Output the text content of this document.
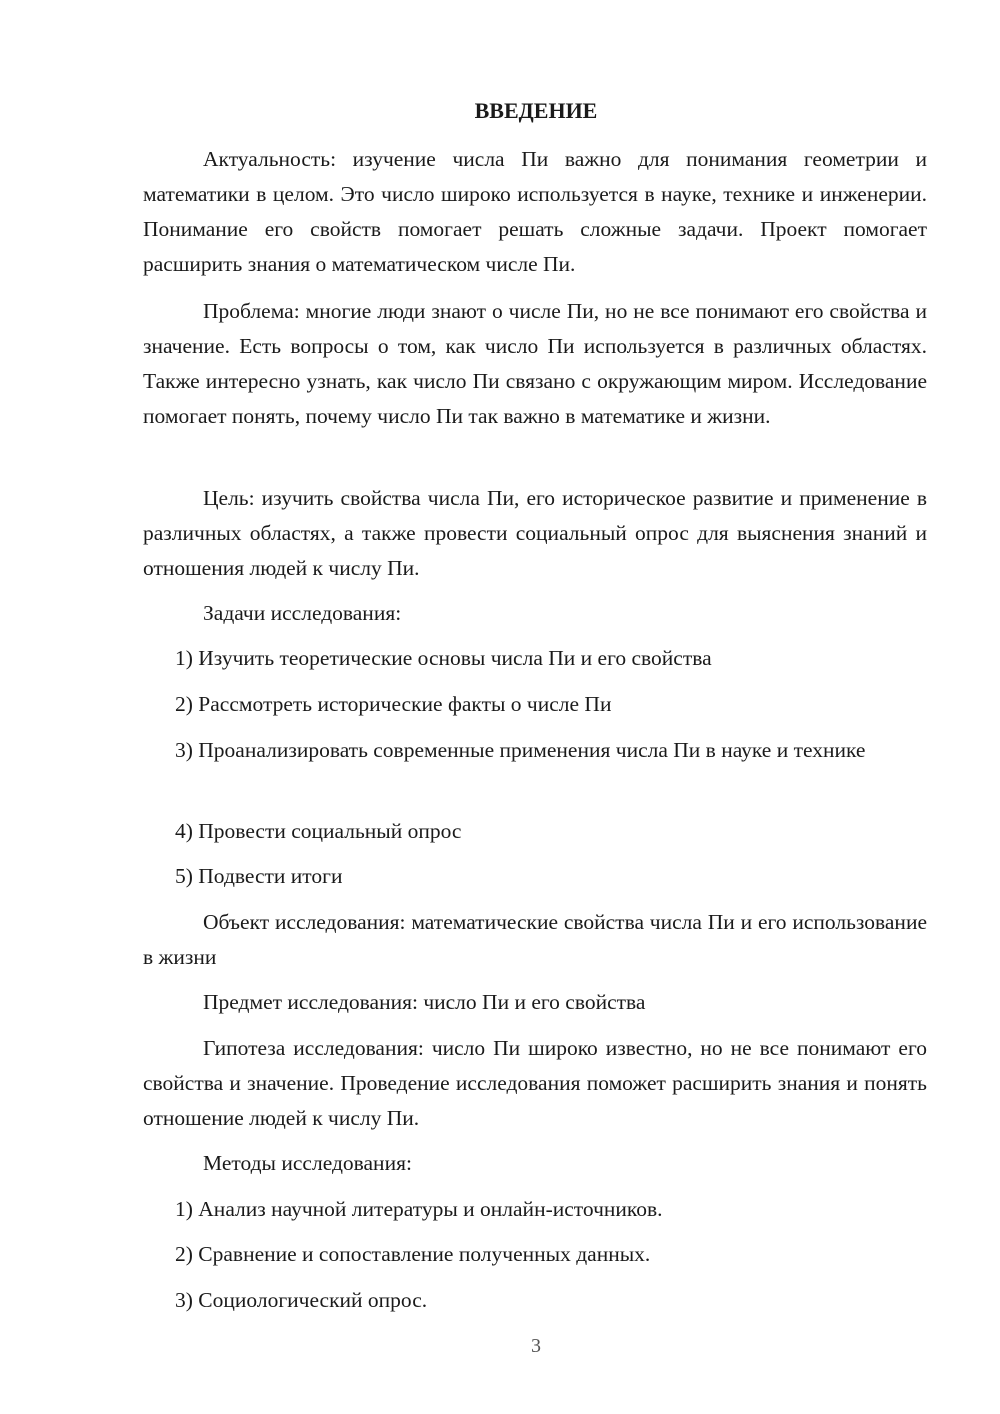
ВВЕДЕНИЕ

Актуальность: изучение числа Пи важно для понимания геометрии и математики в целом. Это число широко используется в науке, технике и инженерии. Понимание его свойств помогает решать сложные задачи. Проект помогает расширить знания о математическом числе Пи.

Проблема: многие люди знают о числе Пи, но не все понимают его свойства и значение. Есть вопросы о том, как число Пи используется в различных областях. Также интересно узнать, как число Пи связано с окружающим миром. Исследование помогает понять, почему число Пи так важно в математике и жизни.

Цель: изучить свойства числа Пи, его историческое развитие и применение в различных областях, а также провести социальный опрос для выяснения знаний и отношения людей к числу Пи.

Задачи исследования:

1) Изучить теоретические основы числа Пи и его свойства

2) Рассмотреть исторические факты о числе Пи

3) Проанализировать современные применения числа Пи в науке и технике

4) Провести социальный опрос

5) Подвести итоги

Объект исследования: математические свойства числа Пи и его использование в жизни

Предмет исследования: число Пи и его свойства

Гипотеза исследования: число Пи широко известно, но не все понимают его свойства и значение. Проведение исследования поможет расширить знания и понять отношение людей к числу Пи.

Методы исследования:

1) Анализ научной литературы и онлайн-источников.

2) Сравнение и сопоставление полученных данных.

3) Социологический опрос.

3
